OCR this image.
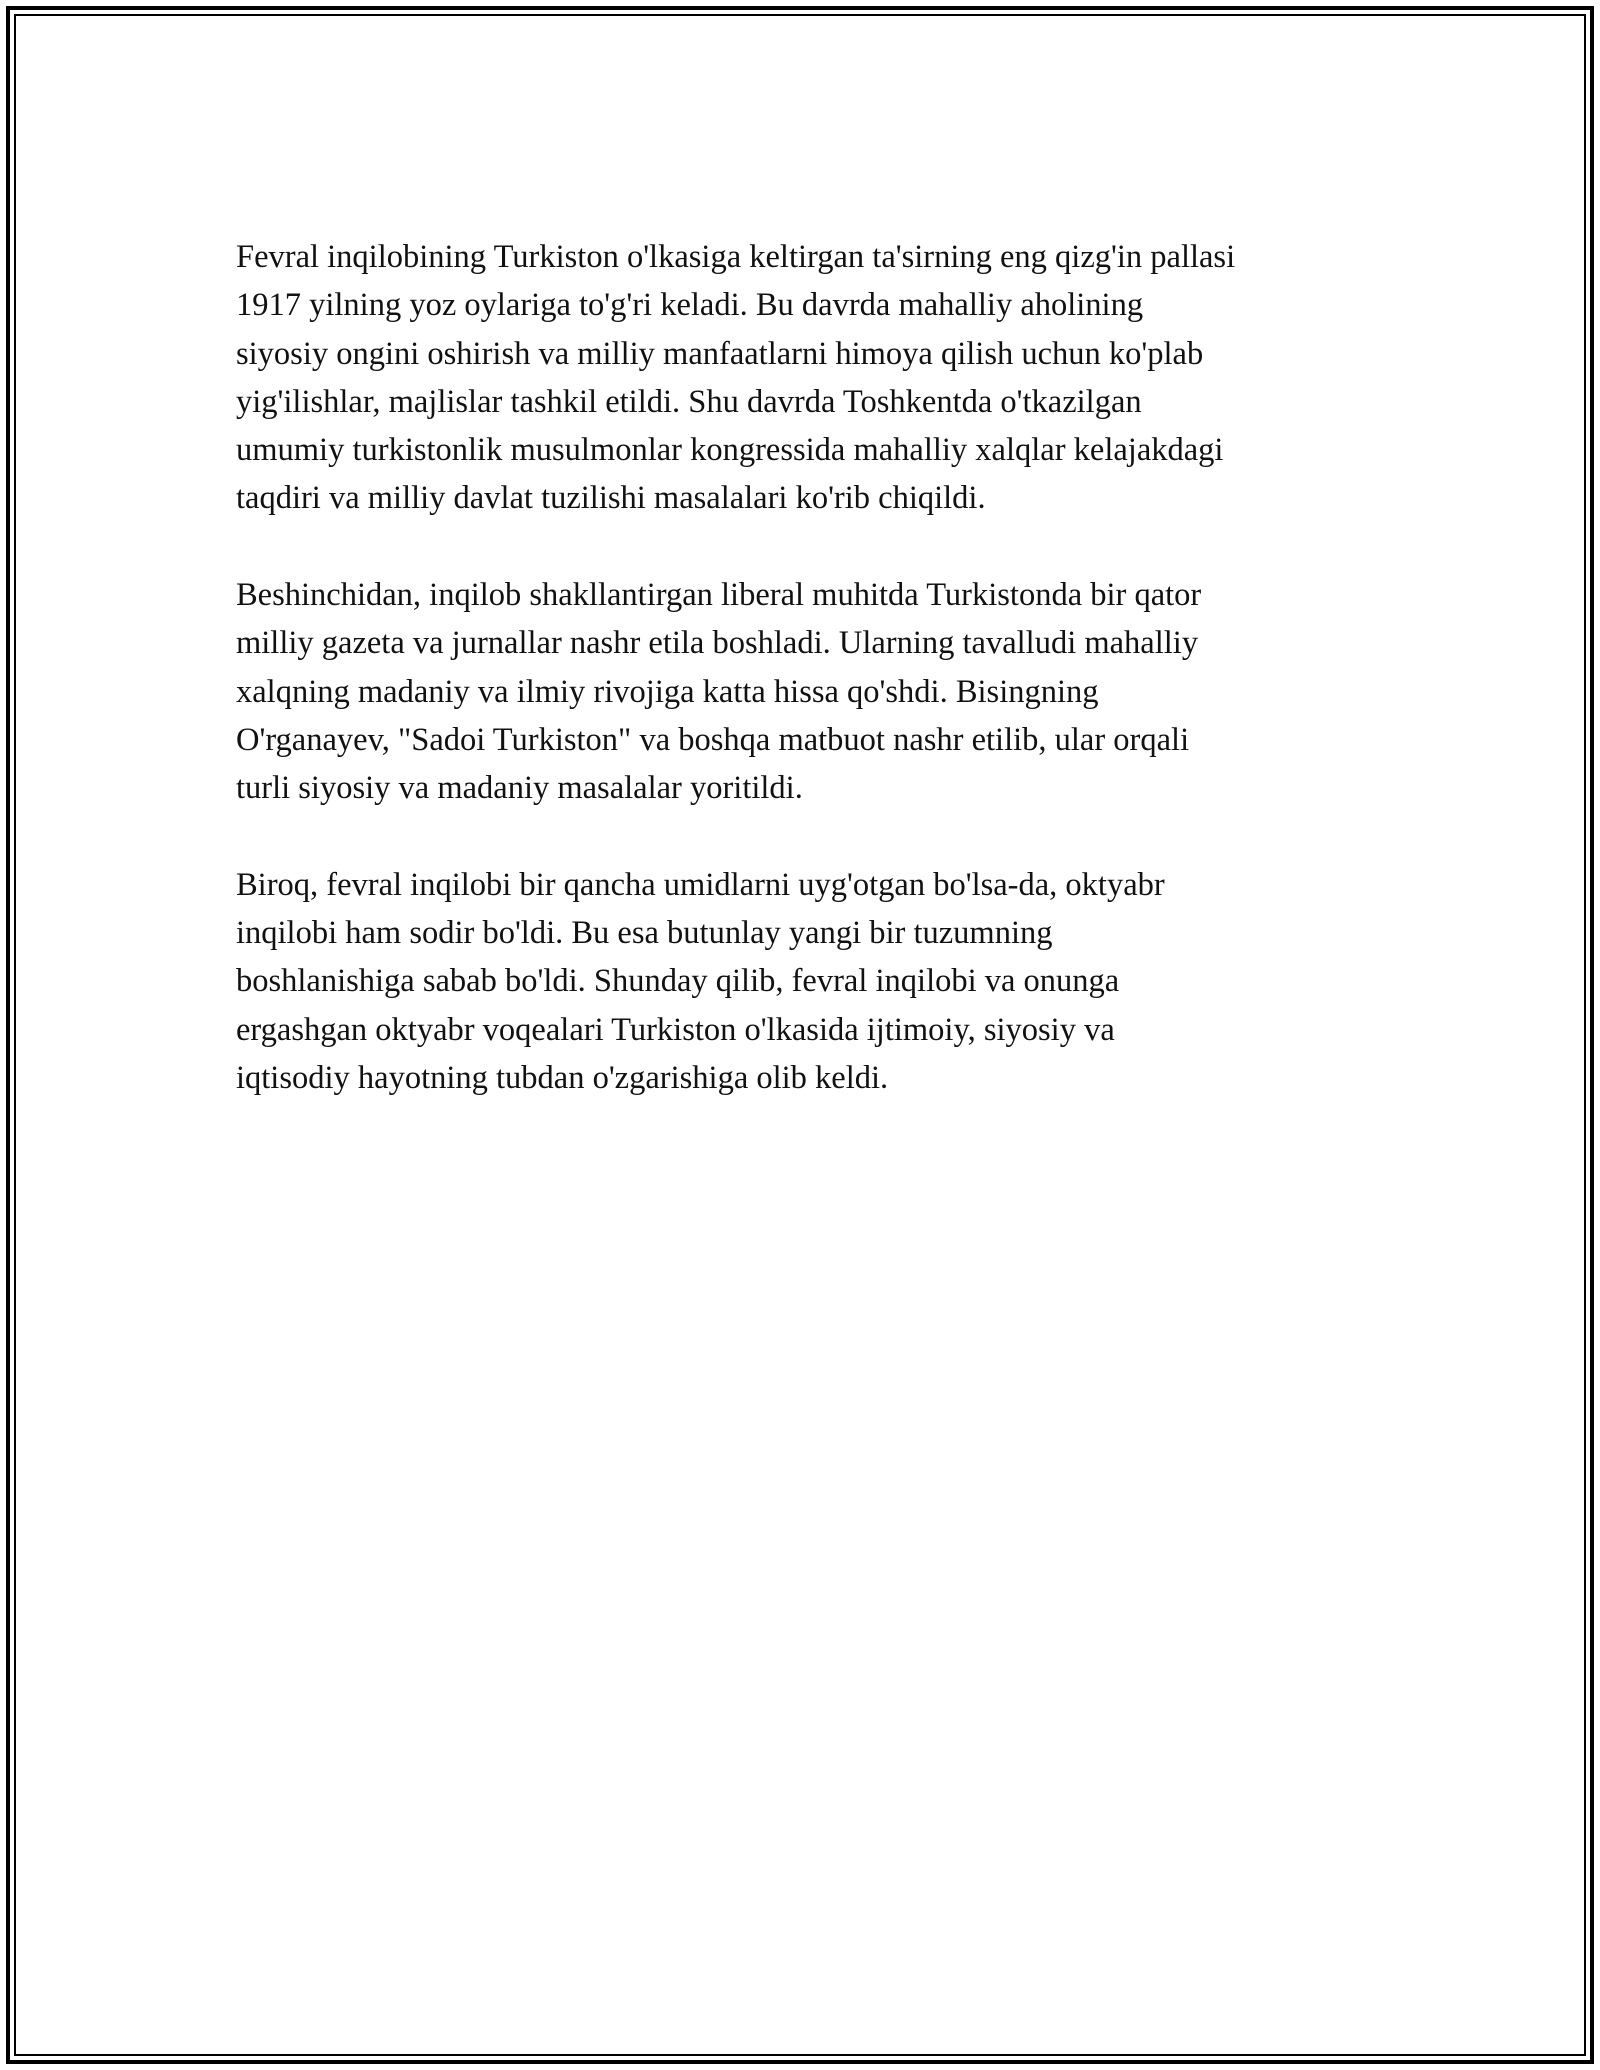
Fevral inqilobining Turkiston o'lkasiga keltirgan ta'sirning eng qizg'in pallasi
1917 yilning yoz oylariga to'g'ri keladi. Bu davrda mahalliy aholining
siyosiy ongini oshirish va milliy manfaatlarni himoya qilish uchun ko'plab
yig'ilishlar, majlislar tashkil etildi. Shu davrda Toshkentda o'tkazilgan
umumiy turkistonlik musulmonlar kongressida mahalliy xalqlar kelajakdagi
taqdiri va milliy davlat tuzilishi masalalari ko'rib chiqildi.

Beshinchidan, inqilob shakllantirgan liberal muhitda Turkistonda bir qator
milliy gazeta va jurnallar nashr etila boshladi. Ularning tavalludi mahalliy
xalqning madaniy va ilmiy rivojiga katta hissa qo'shdi. Bisingning
O'rganayev, "Sadoi Turkiston" va boshqa matbuot nashr etilib, ular orqali
turli siyosiy va madaniy masalalar yoritildi.

Biroq, fevral inqilobi bir qancha umidlarni uyg'otgan bo'lsa-da, oktyabr
inqilobi ham sodir bo'ldi. Bu esa butunlay yangi bir tuzumning
boshlanishiga sabab bo'ldi. Shunday qilib, fevral inqilobi va onunga
ergashgan oktyabr voqealari Turkiston o'lkasida ijtimoiy, siyosiy va
iqtisodiy hayotning tubdan o'zgarishiga olib keldi.
